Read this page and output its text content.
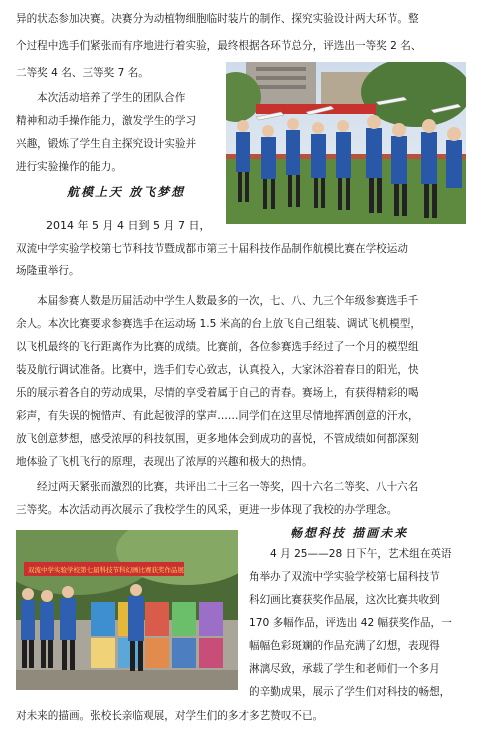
异的状态参加决赛。决赛分为动植物细胞临时装片的制作、探究实验设计两大环节。整
个过程中选手们紧张而有序地进行着实验，最终根据各环节总分，评选出一等奖 2 名、
二等奖 4 名、三等奖 7 名。
本次活动培养了学生的团队合作
精神和动手操作能力，激发学生的学习
兴趣，锻炼了学生自主探究设计实验并
进行实验操作的能力。
航模上天 放飞梦想
2014 年 5 月 4 日到 5 月 7 日，
双流中学实验学校第七节科技节暨成都市第三十届科技作品制作航模比赛在学校运动
场隆重举行。
本届参赛人数是历届活动中学生人数最多的一次，七、八、九三个年级参赛选手千
余人。本次比赛要求参赛选手在运动场 1.5 米高的台上放飞自己组装、调试飞机模型，
以飞机最终的飞行距离作为比赛的成绩。比赛前，各位参赛选手经过了一个月的模型组
装及航行调试准备。比赛中，选手们专心致志，认真投入，大家沐浴着春日的阳光，快
乐的展示着各自的劳动成果，尽情的享受着属于自己的青春。赛场上，有获得精彩的喝
彩声，有失误的惋惜声、有此起彼浮的掌声……同学们在这里尽情地挥洒创意的汗水，
放飞创意梦想，感受浓厚的科技氛围，更多地体会到成功的喜悦，不管成绩如何都深刻
地体验了飞机飞行的原理，表现出了浓厚的兴趣和极大的热情。
经过两天紧张而激烈的比赛，共评出二十三名一等奖，四十六名二等奖、八十六名
三等奖。本次活动再次展示了我校学生的风采，更进一步体现了我校的办学理念。
双流中学实验学校第七届科技节科幻画比赛获奖作品展
畅想科技 描画未来
4 月 25——28 日下午，艺术组在英语
角举办了双流中学实验学校第七届科技节
科幻画比赛获奖作品展，这次比赛共收到
170 多幅作品，评选出 42 幅获奖作品，一
幅幅色彩斑斓的作品充满了幻想，表现得
淋漓尽致，承载了学生和老师们一个多月
的辛勤成果，展示了学生们对科技的畅想，
对未来的描画。张校长亲临观展，对学生们的多才多艺赞叹不已。
